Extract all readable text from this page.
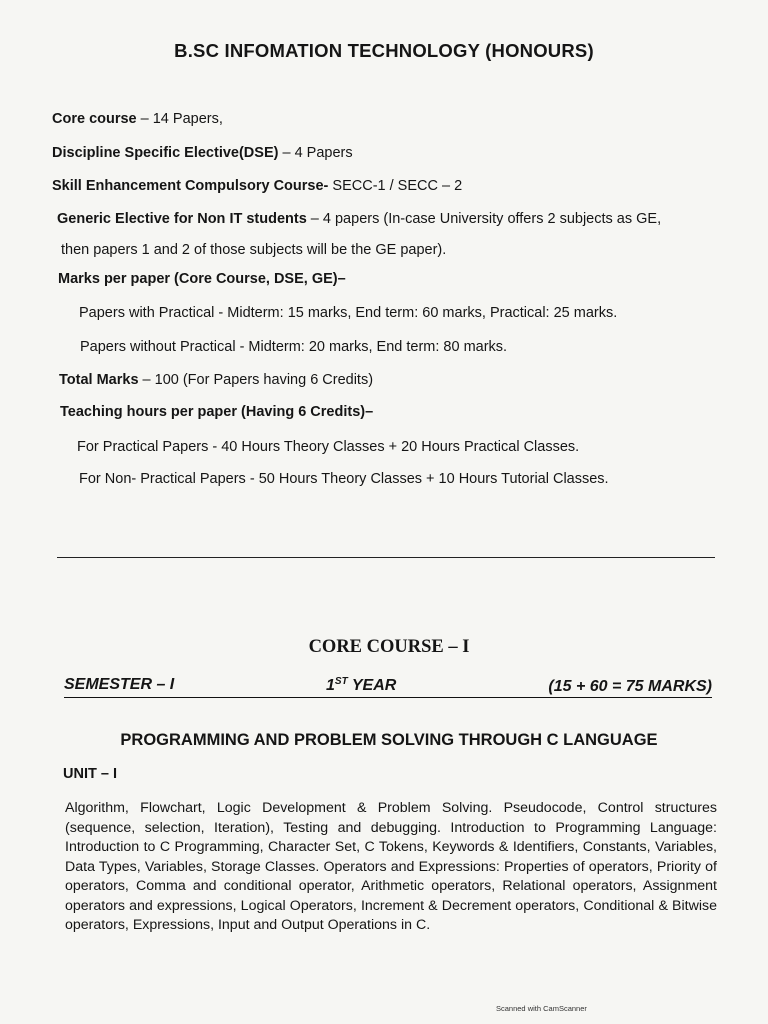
B.SC INFOMATION TECHNOLOGY (HONOURS)
Core course – 14 Papers,
Discipline Specific Elective(DSE) – 4 Papers
Skill Enhancement Compulsory Course- SECC-1 / SECC – 2
Generic Elective for Non IT students – 4 papers (In-case University offers 2 subjects as GE,
then papers 1 and 2 of those subjects will be the GE paper).
Marks per paper (Core Course, DSE, GE)–
Papers with Practical - Midterm: 15 marks, End term: 60 marks, Practical: 25 marks.
Papers without Practical - Midterm: 20 marks, End term: 80 marks.
Total Marks – 100 (For Papers having 6 Credits)
Teaching hours per paper (Having 6 Credits)–
For Practical Papers - 40 Hours Theory Classes + 20 Hours Practical Classes.
For Non- Practical Papers - 50 Hours Theory Classes + 10 Hours Tutorial Classes.
CORE COURSE – I
SEMESTER – I	1ST YEAR	(15 + 60 = 75 MARKS)
PROGRAMMING AND PROBLEM SOLVING THROUGH C LANGUAGE
UNIT – I
Algorithm, Flowchart, Logic Development & Problem Solving. Pseudocode, Control structures (sequence, selection, Iteration), Testing and debugging. Introduction to Programming Language: Introduction to C Programming, Character Set, C Tokens, Keywords & Identifiers, Constants, Variables, Data Types, Variables, Storage Classes. Operators and Expressions: Properties of operators, Priority of operators, Comma and conditional operator, Arithmetic operators, Relational operators, Assignment operators and expressions, Logical Operators, Increment & Decrement operators, Conditional & Bitwise operators, Expressions, Input and Output Operations in C.
Scanned with CamScanner
